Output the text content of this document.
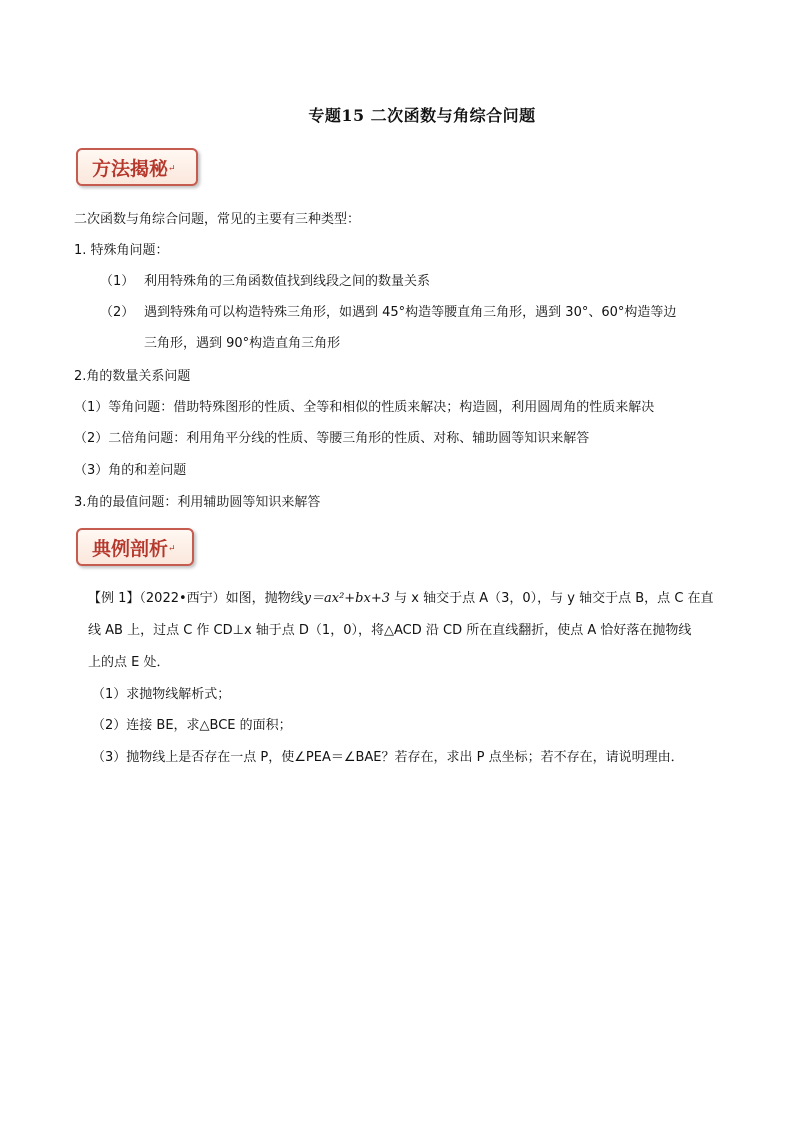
专题15 二次函数与角综合问题
方法揭秘↵
二次函数与角综合问题，常见的主要有三种类型：
1. 特殊角问题：
（1） 利用特殊角的三角函数值找到线段之间的数量关系
（2） 遇到特殊角可以构造特殊三角形，如遇到 45°构造等腰直角三角形，遇到 30°、60°构造等边
三角形，遇到 90°构造直角三角形
2.角的数量关系问题
（1）等角问题：借助特殊图形的性质、全等和相似的性质来解决；构造圆，利用圆周角的性质来解决
（2）二倍角问题：利用角平分线的性质、等腰三角形的性质、对称、辅助圆等知识来解答
（3）角的和差问题
3.角的最值问题：利用辅助圆等知识来解答
典例剖析↵
【例 1】（2022•西宁）如图，抛物线y＝ax²+bx+3 与 x 轴交于点 A（3，0），与 y 轴交于点 B，点 C 在直
线 AB 上，过点 C 作 CD⊥x 轴于点 D（1，0），将△ACD 沿 CD 所在直线翻折，使点 A 恰好落在抛物线
上的点 E 处．
（1）求抛物线解析式；
（2）连接 BE，求△BCE 的面积；
（3）抛物线上是否存在一点 P，使∠PEA＝∠BAE？若存在，求出 P 点坐标；若不存在，请说明理由．
